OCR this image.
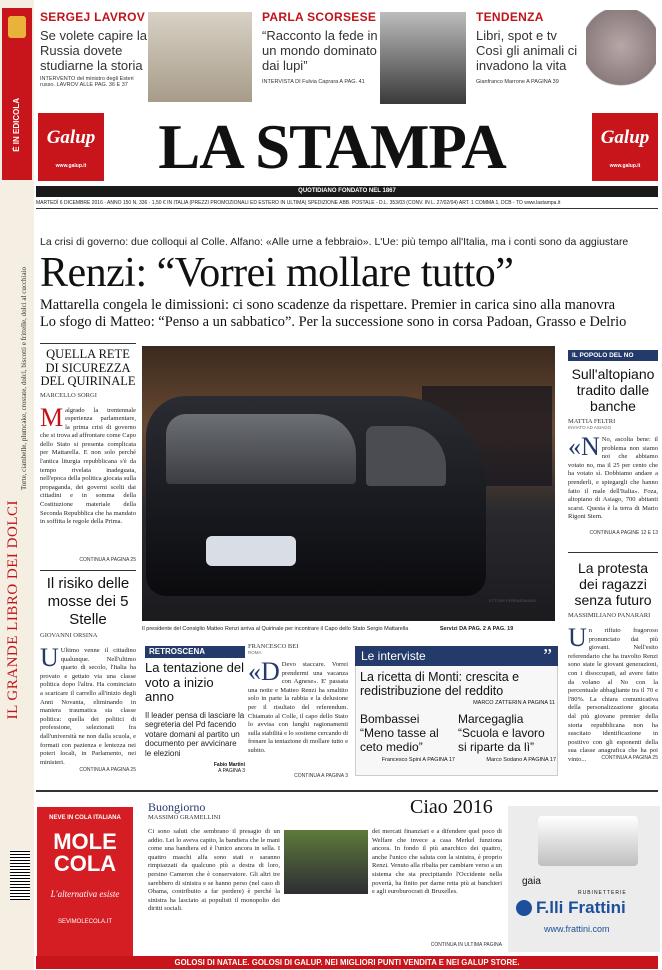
È IN EDICOLA
IL GRANDE LIBRO DEI DOLCI
Torte, ciambelle, plumcake, crostate, dolci, biscotti e frittelle, dolci al cucchiaio
SERGEJ LAVROV
Se volete capire la Russia dovete studiarne la storia
INTERVENTO del ministro degli Esteri russo. LAVROV ALLE PAG. 36 E 37
PARLA SCORSESE
“Racconto la fede in un mondo dominato dai lupi”
INTERVISTA DI Fulvia Caprara A PAG. 41
TENDENZA
Libri, spot e tv Così gli animali ci invadono la vita
Gianfranco Marrone A PAGINA 39
Galup
www.galup.it
Galup
www.galup.it
LA STAMPA
QUOTIDIANO FONDATO NEL 1867
MARTEDÌ 6 DICEMBRE 2016 · ANNO 150 N. 336 · 1,50 € IN ITALIA (PREZZI PROMOZIONALI ED ESTERO IN ULTIMA) SPEDIZIONE ABB. POSTALE - D.L. 353/03 (CONV. IN L. 27/02/04) ART. 1 COMMA 1, DCB - TO www.lastampa.it
La crisi di governo: due colloqui al Colle. Alfano: «Alle urne a febbraio». L'Ue: più tempo all'Italia, ma i conti sono da aggiustare
Renzi: “Vorrei mollare tutto”
Mattarella congela le dimissioni: ci sono scadenze da rispettare. Premier in carica sino alla manovra
Lo sfogo di Matteo: “Penso a un sabbatico”. Per la successione sono in corsa Padoan, Grasso e Delrio
QUELLA RETE DI SICUREZZA DEL QUIRINALE
MARCELLO SORGI
Malgrado la trentennale esperienza parlamentare, la prima crisi di governo che si trova ad affrontare come Capo dello Stato si presenta complicata per Mattarella. E non solo perché l'antica liturgia repubblicana s'è da tempo rivelata inadeguata, nell'epoca della politica giocata sulla propaganda, dei governi scelti dai cittadini e in somma della Costituzione materiale della Seconda Repubblica che ha mandato in soffitta le regole della Prima.
CONTINUA A PAGINA 25
Il risiko delle mosse dei 5 Stelle
GIOVANNI ORSINA
U Ultimo venne il cittadino qualunque. Nell'ultimo quarto di secolo, l'Italia ha provato e gettato via una classe politica dopo l'altra. Ha cominciato a scaricare il carrello all'inizio degli Anni Novanta, eliminando in maniera traumatica sia classe politica: quella dei politici di professione, selezionati fra dall'università ne non dalla scuola, e formati con pazienza e lentezza nei poteri locali, in Parlamento, nei ministeri.
CONTINUA A PAGINA 25
ETTORE FERRARI/ANSA
Il presidente del Consiglio Matteo Renzi arriva al Quirinale per incontrare il Capo dello Stato Sergio Mattarella	Servizi DA PAG. 2 A PAG. 19
IL POPOLO DEL NO
Sull'altopiano tradito dalle banche
MATTIA FELTRI
INVIATO AD ASIAGO
«N No, ascolta bene: il problema non siamo noi che abbiamo votato no, ma il 25 per cento che ha votato sì. Dobbiamo andare a prenderli, e spiegargli che hanno fatto il male dell'Italia». Foza, altopiano di Asiago, 700 abitanti scarsi. Questa è la terra di Mario Rigoni Stern.
CONTINUA A PAGINE 12 E 13
La protesta dei ragazzi senza futuro
MASSIMILIANO PANARARI
Un rifiuto fragoroso pronunciato dai più giovani. Nell'esito referendario che ha travolto Renzi sono state le giovani generazioni, con i disoccupati, ad avere fatto da volano al No con la percentuale abbagliante tra il 70 e l'80%. La chiara comunicativa della personalizzazione giocata dal più giovane premier della storia repubblicana non ha suscitato identificazione in positivo con gli esponenti della sua classe anagrafica che ha poi vinto...	CONTINUA A PAGINA 25
RETROSCENA
La tentazione del voto a inizio anno
Il leader pensa di lasciare la segreteria del Pd facendo votare domani al partito un documento per avvicinare le elezioni
Fabio Martini
A PAGINA 3
FRANCESCO BEI
ROMA
«D Devo staccare. Vorrei prendermi una vacanza con Agnese». E' passata una notte e Matteo Renzi ha smaltito solo in parte la rabbia e la delusione per il risultato del referendum. Chiamato al Colle, il capo dello Stato lo avvisa con lunghi ragionamenti sulla stabilità e lo sostiene cercando di frenare la tentazione di mollare tutto e subito.
CONTINUA A PAGINA 3
Le interviste	”
La ricetta di Monti: crescita e redistribuzione del reddito
MARCO ZATTERIN A PAGINA 11
Bombassei “Meno tasse al ceto medio”
Francesco Spini A PAGINA 17
Marcegaglia “Scuola e lavoro si riparte da lì”
Marco Sodano A PAGINA 17
NEVE IN COLA ITALIANA
MOLE COLA
L'alternativa esiste
SEVIMOLECOLA.IT
Buongiorno
MASSIMO GRAMELLINI	Ciao 2016
Ci sono saluti che sembrano il presagio di un addio. Lei lo aveva capito, la bandiera che le mani come una bandiera ed è l'unico ancora in sella. I quattro maschi alfa sono stati o saranno rimpiazzati da qualcuno più a destra di loro, persino Cameron che è conservatore. Gli altri tre sarebbero di sinistra e se hanno perso (nel caso di Obama, contribuito a far perdere) è perché la sinistra ha lasciato ai populisti il monopolio dei diritti sociali.
dei mercati finanziari e a difendere quel poco di Welfare che invece a casa Merkel funziona ancora. In fondo il più anarchico dei quattro, anche l'unico che saluta con la sinistra, è proprio Renzi. Venuto alla ribalta per cambiare verso a un sistema che sta precipitando l'Occidente nella povertà, ha finito per darne retta più ai banchieri e agli euroburocrati di Bruxelles.
CONTINUA IN ULTIMA PAGINA
gaia
RUBINETTERIE
F.lli Frattini
www.frattini.com
GOLOSI DI NATALE. GOLOSI DI GALUP. NEI MIGLIORI PUNTI VENDITA E NEI GALUP STORE.
